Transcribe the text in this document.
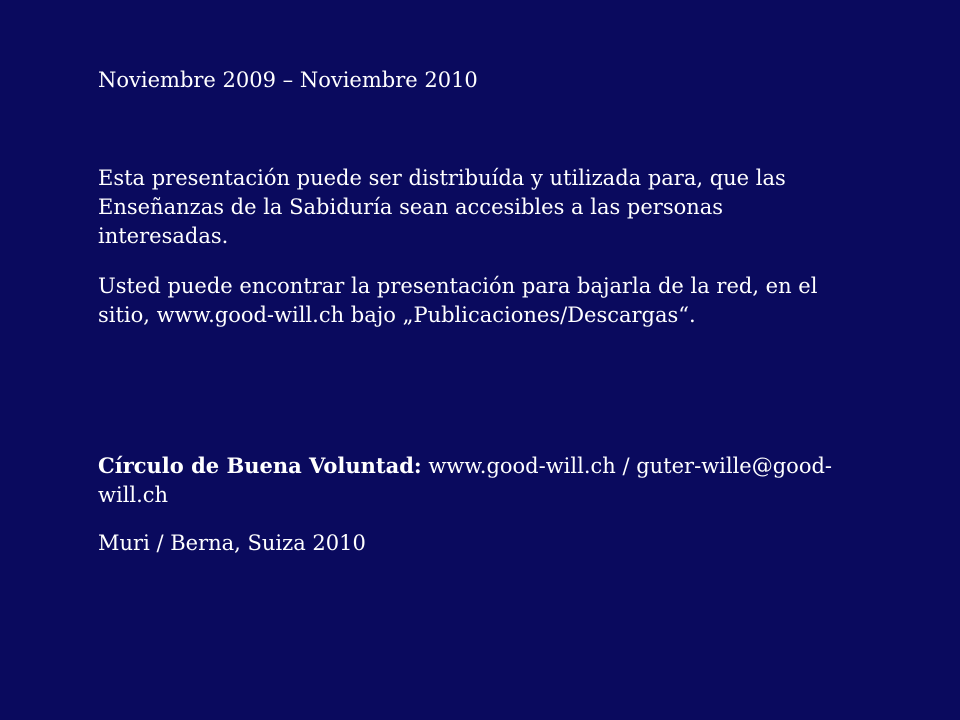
Noviembre 2009 – Noviembre 2010

Esta presentación puede ser distribuída y utilizada para, que las Enseñanzas de la Sabiduría sean accesibles a las personas interesadas.

Usted puede encontrar la presentación para bajarla de la red, en el sitio, www.good-will.ch bajo „Publicaciones/Descargas“.

Círculo de Buena Voluntad: www.good-will.ch / guter-wille@good-will.ch

Muri / Berna, Suiza 2010
